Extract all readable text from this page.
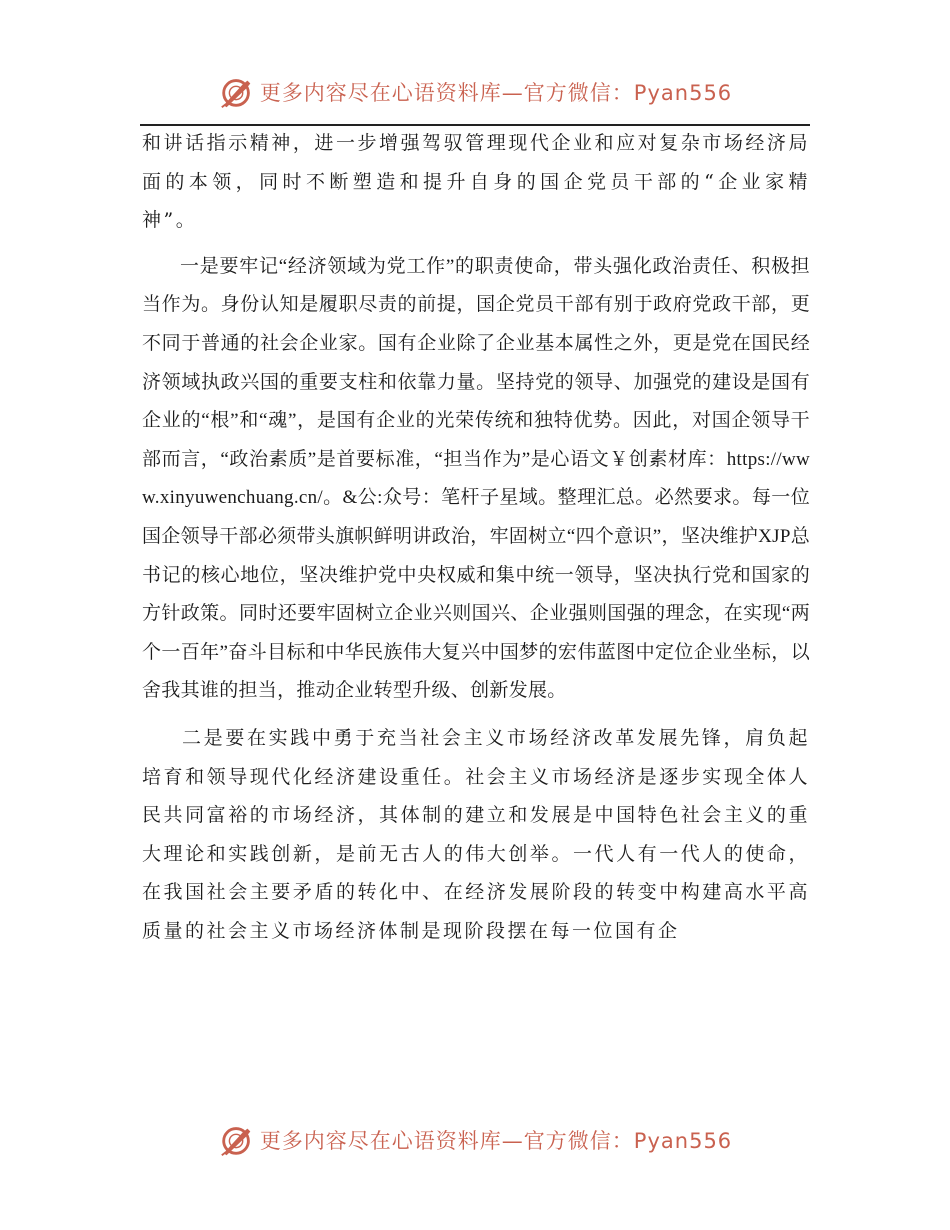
更多内容尽在心语资料库—官方微信：Pyan556

和讲话指示精神，进一步增强驾驭管理现代企业和应对复杂市场经济局面的本领，同时不断塑造和提升自身的国企党员干部的“企业家精神”。

一是要牢记“经济领域为党工作”的职责使命，带头强化政治责任、积极担当作为。身份认知是履职尽责的前提，国企党员干部有别于政府党政干部，更不同于普通的社会企业家。国有企业除了企业基本属性之外，更是党在国民经济领域执政兴国的重要支柱和依靠力量。坚持党的领导、加强党的建设是国有企业的“根”和“魂”，是国有企业的光荣传统和独特优势。因此，对国企领导干部而言，“政治素质”是首要标准，“担当作为”是心语文￥创素材库：https://www.xinyuwenchuang.cn/。&公:众号：笔杆子星域。整理汇总。必然要求。每一位国企领导干部必须带头旗帜鲜明讲政治，牢固树立“四个意识”，坚决维护XJP总书记的核心地位，坚决维护党中央权威和集中统一领导，坚决执行党和国家的方针政策。同时还要牢固树立企业兴则国兴、企业强则国强的理念，在实现“两个一百年”奋斗目标和中华民族伟大复兴中国梦的宏伟蓝图中定位企业坐标，以舍我其谁的担当，推动企业转型升级、创新发展。

二是要在实践中勇于充当社会主义市场经济改革发展先锋，肩负起培育和领导现代化经济建设重任。社会主义市场经济是逐步实现全体人民共同富裕的市场经济，其体制的建立和发展是中国特色社会主义的重大理论和实践创新，是前无古人的伟大创举。一代人有一代人的使命，在我国社会主要矛盾的转化中、在经济发展阶段的转变中构建高水平高质量的社会主义市场经济体制是现阶段摆在每一位国有企

更多内容尽在心语资料库—官方微信：Pyan556
